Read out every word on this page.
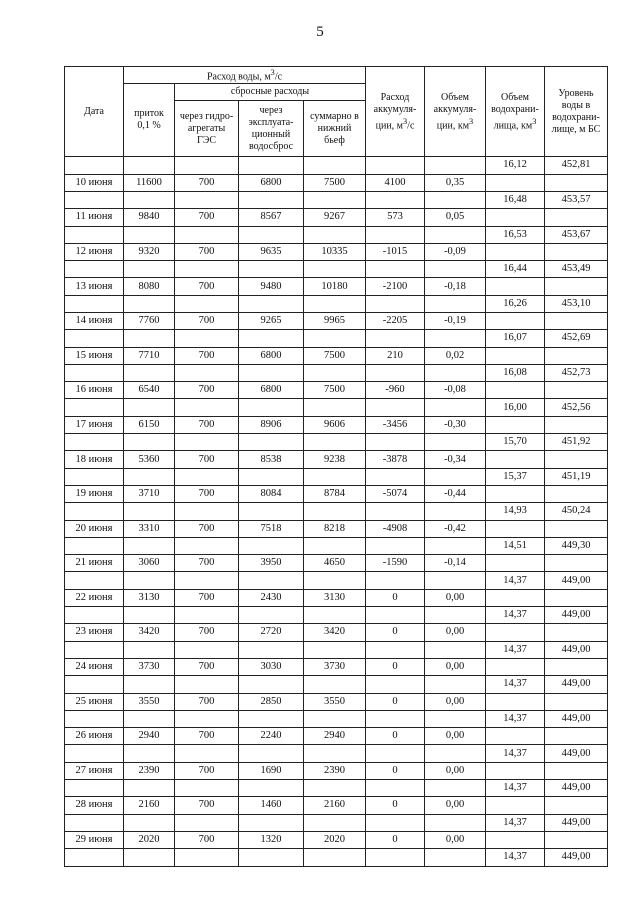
5
Дата	Расход воды, $м^3/с$				Расход аккумуля-ции, $м^3/с$	Объем аккумуля-ции, $км^3$	Объем водохрани-лища, $км^3$	Уровень воды в водохрани-лище, м БС
	приток 0,1 %	сбросные расходы						
		через гидро-агрегаты ГЭС	через эксплуата-ционный водосброс	суммарно в нижний бьеф				
							16,12	452,81
10 июня	11600	700	6800	7500	4100	0,35		
							16,48	453,57
11 июня	9840	700	8567	9267	573	0,05		
							16,53	453,67
12 июня	9320	700	9635	10335	-1015	-0,09		
							16,44	453,49
13 июня	8080	700	9480	10180	-2100	-0,18		
							16,26	453,10
14 июня	7760	700	9265	9965	-2205	-0,19		
							16,07	452,69
15 июня	7710	700	6800	7500	210	0,02		
							16,08	452,73
16 июня	6540	700	6800	7500	-960	-0,08		
							16,00	452,56
17 июня	6150	700	8906	9606	-3456	-0,30		
							15,70	451,92
18 июня	5360	700	8538	9238	-3878	-0,34		
							15,37	451,19
19 июня	3710	700	8084	8784	-5074	-0,44		
							14,93	450,24
20 июня	3310	700	7518	8218	-4908	-0,42		
							14,51	449,30
21 июня	3060	700	3950	4650	-1590	-0,14		
							14,37	449,00
22 июня	3130	700	2430	3130	0	0,00		
							14,37	449,00
23 июня	3420	700	2720	3420	0	0,00		
							14,37	449,00
24 июня	3730	700	3030	3730	0	0,00		
							14,37	449,00
25 июня	3550	700	2850	3550	0	0,00		
							14,37	449,00
26 июня	2940	700	2240	2940	0	0,00		
							14,37	449,00
27 июня	2390	700	1690	2390	0	0,00		
							14,37	449,00
28 июня	2160	700	1460	2160	0	0,00		
							14,37	449,00
29 июня	2020	700	1320	2020	0	0,00		
							14,37	449,00
